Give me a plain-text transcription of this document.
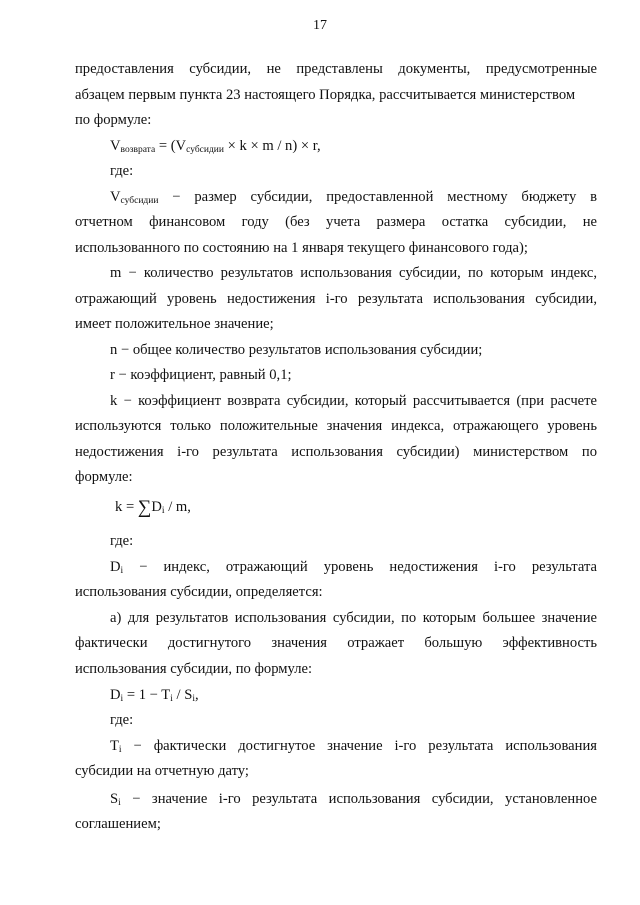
17
предоставления субсидии, не представлены документы, предусмотренные
абзацем первым пункта 23 настоящего Порядка, рассчитывается министерством
по формуле:
$V_{возврата} = (V_{субсидии} \times k \times m / n) \times r$,
где:
$V_{субсидии}$ − размер субсидии, предоставленной местному бюджету в
отчетном финансовом году (без учета размера остатка субсидии, не
использованного по состоянию на 1 января текущего финансового года);
m − количество результатов использования субсидии, по которым индекс,
отражающий уровень недостижения i-го результата использования субсидии,
имеет положительное значение;
n − общее количество результатов использования субсидии;
r − коэффициент, равный 0,1;
k − коэффициент возврата субсидии, который рассчитывается (при расчете
используются только положительные значения индекса, отражающего уровень
недостижения i-го результата использования субсидии) министерством по
формуле:
$k = \sum D_i / m$,
где:
$D_i$ − индекс, отражающий уровень недостижения i-го результата
использования субсидии, определяется:
а) для результатов использования субсидии, по которым большее значение
фактически достигнутого значения отражает большую эффективность
использования субсидии, по формуле:
$D_i = 1 - T_i / S_i$,
где:
$T_i$ − фактически достигнутое значение i-го результата использования
субсидии на отчетную дату;
$S_i$ − значение i-го результата использования субсидии, установленное
соглашением;
